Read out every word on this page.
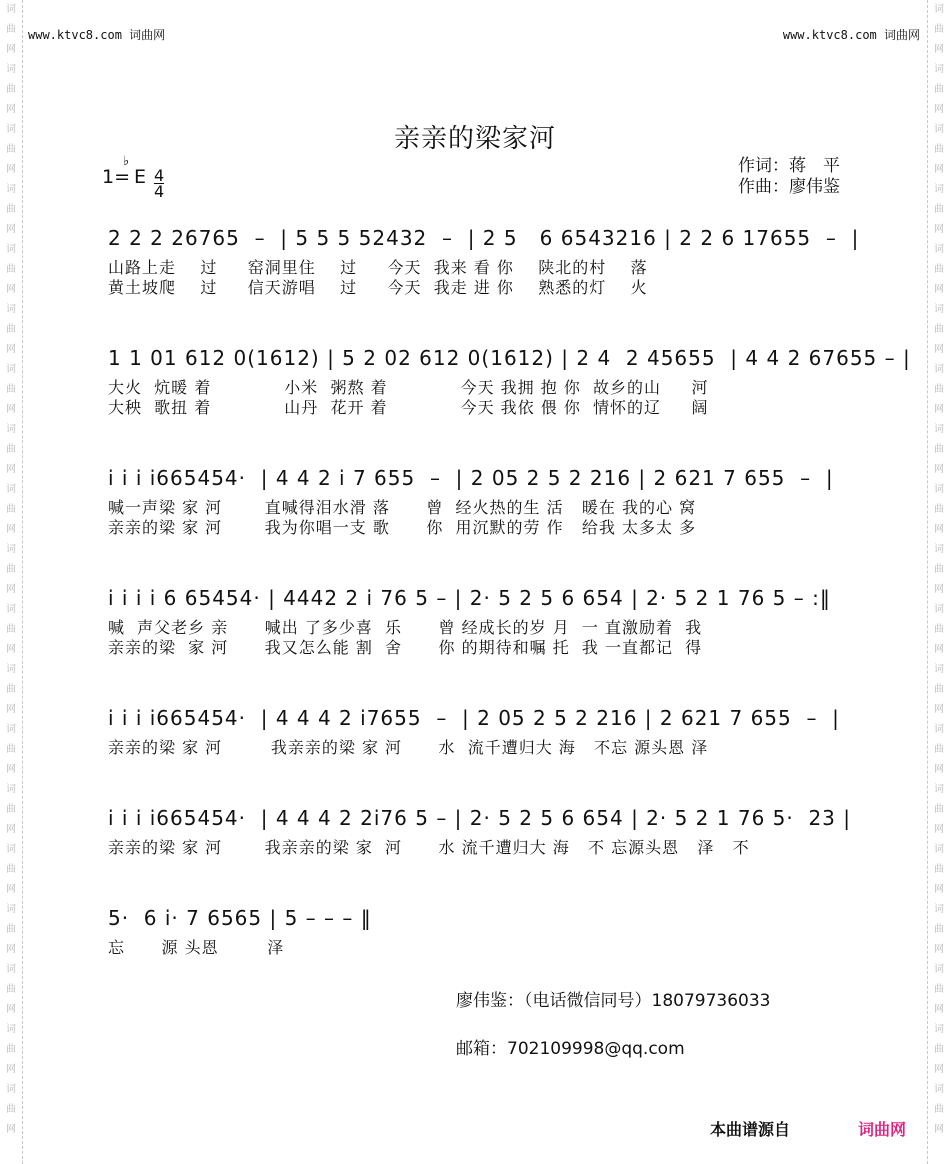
词
曲
网
词
曲
网
词
曲
网
词
曲
网
词
曲
网
词
曲
网
词
曲
网
词
曲
网
词
曲
网
词
曲
网
词
曲
网
词
曲
网
词
曲
网
词
曲
网
词
曲
网
词
曲
网
词
曲
网
词
曲
网
词
曲
网
词
曲
网
词
曲
网
词
曲
网
词
曲
网
词
曲
网
词
曲
网
词
曲
网
词
曲
网
词
曲
网
词
曲
网
词
曲
网
词
曲
网
词
曲
网
词
曲
网
词
曲
网
词
曲
网
词
曲
网
词
曲
网
词
曲
网
www.ktvc8.com 词曲网	www.ktvc8.com 词曲网
亲亲的梁家河
1=
♭
E $\frac{4}{4}$
作词：蒋　平
作曲：廖伟鉴
2 2 2 26765  –  | 5 5 5 52432  –  | 2 5   6 6543216 | 2 2 6 17655  –  |
山路上走    过     窑洞里住    过     今天  我来 看 你    陕北的村    落
黄土坡爬    过     信天游唱    过     今天  我走 进 你    熟悉的灯    火
1 1 01 612 0(1612) | 5 2 02 612 0(1612) | 2 4  2 45655  | 4 4 2 67655 – |
大火  炕暖 着            小米  粥熬 着            今天 我拥 抱 你  故乡的山     河
大秧  歌扭 着            山丹  花开 着            今天 我依 偎 你  情怀的辽     阔
i i i i665454·  | 4 4 2 i 7 655  –  | 2 05 2 5 2 216 | 2 621 7 655  –  |
喊一声梁 家 河       直喊得泪水滑 落      曾  经火热的生 活   暖在 我的心 窝
亲亲的梁 家 河       我为你唱一支 歌      你  用沉默的劳 作   给我 太多太 多
i i i i 6 65454· | 4442 2 i 76 5 – | 2· 5 2 5 6 654 | 2· 5 2 1 76 5 – :‖
喊  声父老乡 亲      喊出 了多少喜  乐      曾 经成长的岁 月  一 直激励着  我
亲亲的梁  家 河      我又怎么能 割  舍      你 的期待和嘱 托  我 一直都记  得
i i i i665454·  | 4 4 4 2 i7655  –  | 2 05 2 5 2 216 | 2 621 7 655  –  |
亲亲的梁 家 河        我亲亲的梁 家 河      水  流千遭归大 海   不忘 源头恩 泽
i i i i665454·  | 4 4 4 2 2i76 5 – | 2· 5 2 5 6 654 | 2· 5 2 1 76 5·  23 |
亲亲的梁 家 河       我亲亲的梁 家  河      水 流千遭归大 海   不 忘源头恩   泽   不
5·  6 i· 7 6565 | 5 – – – ‖
忘      源 头恩        泽
廖伟鉴：（电话微信同号）18079736033
邮箱：702109998@qq.com
本曲谱源自	词曲网
